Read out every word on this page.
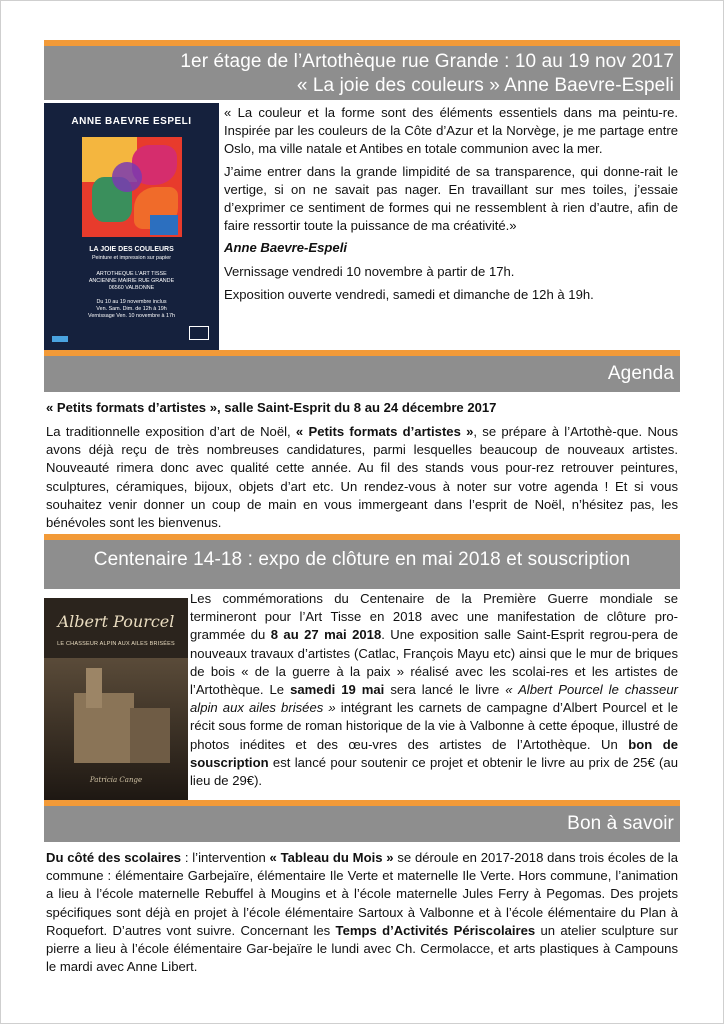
1er étage de l’Artothèque rue Grande : 10 au 19 nov 2017
« La joie des couleurs » Anne Baevre-Espeli
ANNE BAEVRE ESPELI
LA JOIE DES COULEURS
Peinture et impression sur papier
ARTOTHEQUE L'ART TISSE
ANCIENNE MAIRIE RUE GRANDE
06560 VALBONNE
Du 10 au 19 novembre inclus
Ven. Sam. Dim. de 12h à 19h
Vernissage Ven. 10 novembre à 17h

« La couleur et la forme sont des éléments essentiels dans ma peintu-re. Inspirée par les couleurs de la Côte d’Azur et la Norvège, je me partage entre Oslo, ma ville natale et Antibes en totale communion avec la mer.

J’aime entrer dans la grande limpidité de sa transparence, qui donne-rait le vertige, si on ne savait pas nager. En travaillant sur mes toiles, j’essaie d’exprimer ce sentiment de formes qui ne ressemblent à rien d’autre, afin de faire ressortir toute la puissance de ma créativité.»

Anne Baevre-Espeli

Vernissage vendredi 10 novembre à partir de 17h.

Exposition ouverte vendredi, samedi et dimanche de 12h à 19h.

Agenda
« Petits formats d’artistes », salle Saint-Esprit du 8 au 24 décembre 2017

La traditionnelle exposition d’art de Noël, « Petits formats d’artistes », se prépare à l’Artothè-que. Nous avons déjà reçu de très nombreuses candidatures, parmi lesquelles beaucoup de nouveaux artistes. Nouveauté rimera donc avec qualité cette année. Au fil des stands vous pour-rez retrouver peintures, sculptures, céramiques, bijoux, objets d’art etc. Un rendez-vous à noter sur votre agenda ! Et si vous souhaitez venir donner un coup de main en vous immergeant dans l’esprit de Noël, n’hésitez pas, les bénévoles sont les bienvenus.

Centenaire 14-18 : expo de clôture en mai 2018 et souscription
Albert Pourcel
LE CHASSEUR ALPIN AUX AILES BRISÉES
Patricia Cange

Les commémorations du Centenaire de la Première Guerre mondiale se termineront pour l’Art Tisse en 2018 avec une manifestation de clôture pro-grammée du 8 au 27 mai 2018. Une exposition salle Saint-Esprit regrou-pera de nouveaux travaux d’artistes (Catlac, François Mayu etc) ainsi que le mur de briques de bois « de la guerre à la paix » réalisé avec les scolai-res et les artistes de l’Artothèque. Le samedi 19 mai sera lancé le livre « Albert Pourcel le chasseur alpin aux ailes brisées » intégrant les carnets de campagne d’Albert Pourcel et le récit sous forme de roman historique de la vie à Valbonne à cette époque, illustré de photos inédites et des œu-vres des artistes de l’Artothèque. Un bon de souscription est lancé pour soutenir ce projet et obtenir le livre au prix de 25€ (au lieu de 29€).

Bon à savoir

Du côté des scolaires : l’intervention « Tableau du Mois » se déroule en 2017-2018 dans trois écoles de la commune : élémentaire Garbejaïre, élémentaire Ile Verte et maternelle Ile Verte. Hors commune, l’animation a lieu à l’école maternelle Rebuffel à Mougins et à l’école maternelle Jules Ferry à Pegomas. Des projets spécifiques sont déjà en projet à l’école élémentaire Sartoux à Valbonne et à l’école élémentaire du Plan à Roquefort. D’autres vont suivre. Concernant les Temps d’Activités Périscolaires un atelier sculpture sur pierre a lieu à l’école élémentaire Gar-bejaïre le lundi avec Ch. Cermolacce, et arts plastiques à Campouns le mardi avec Anne Libert.
